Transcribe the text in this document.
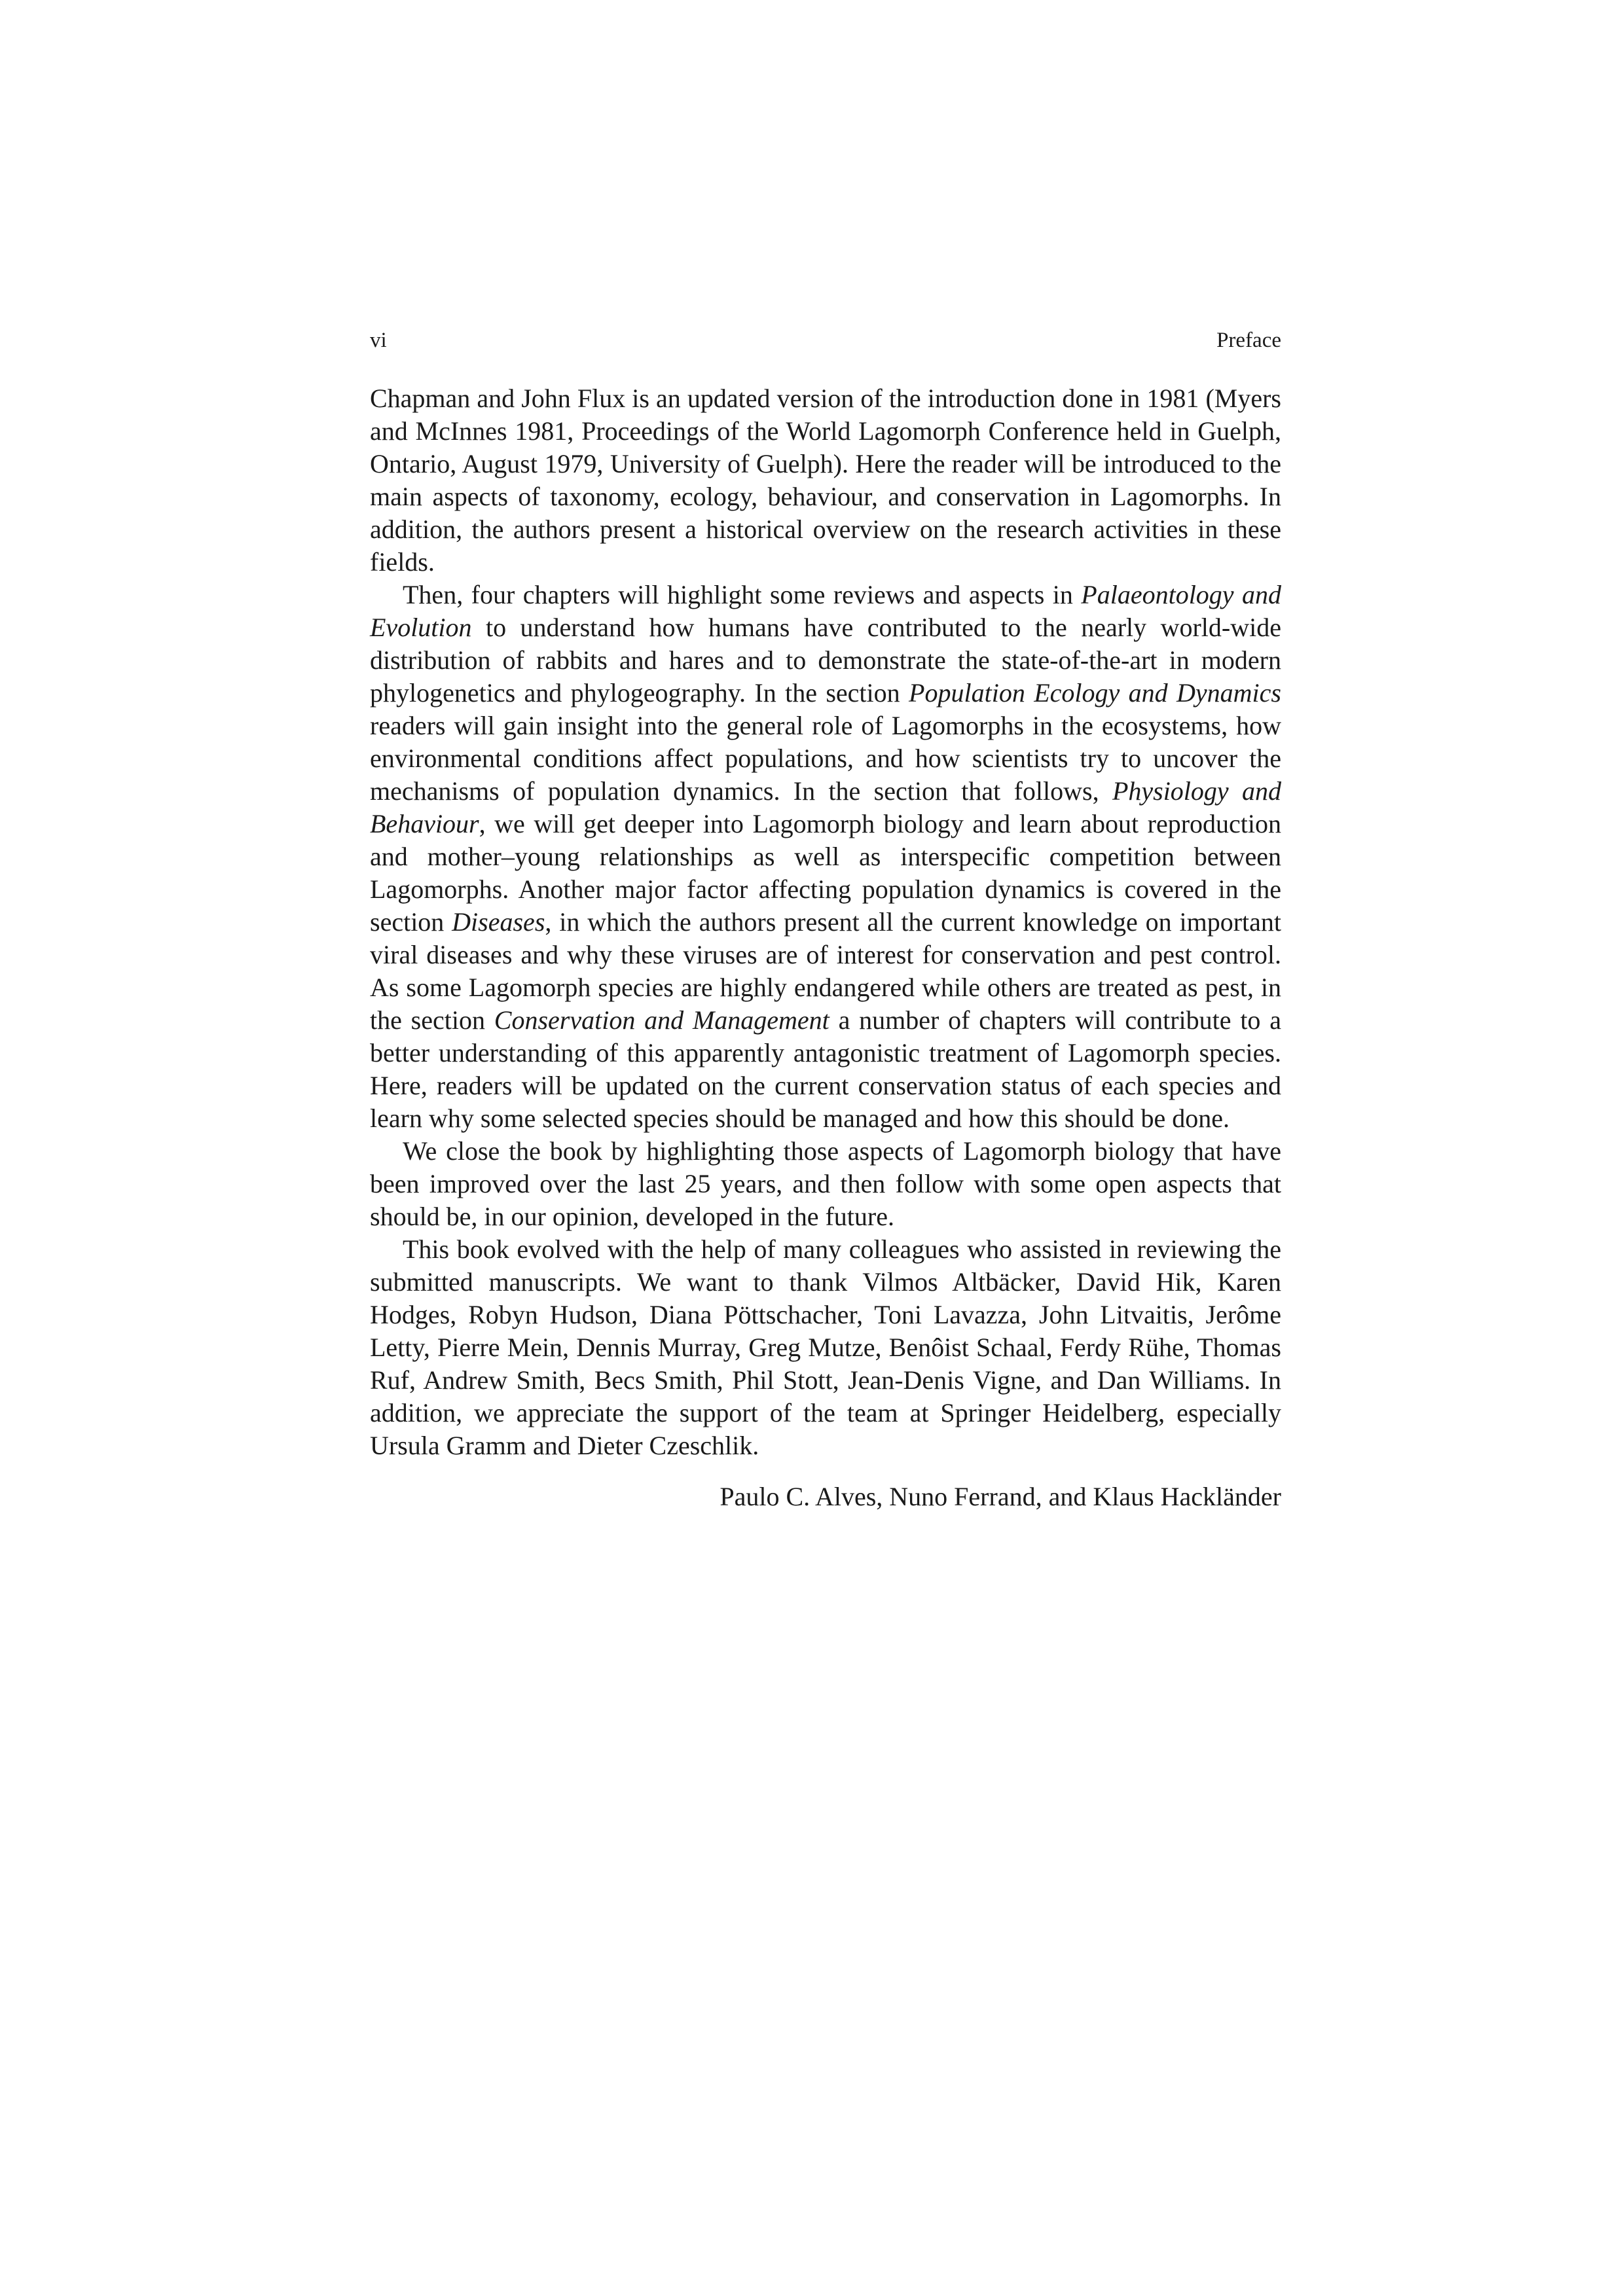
vi	Preface

Chapman and John Flux is an updated version of the introduction done in 1981 (Myers and McInnes 1981, Proceedings of the World Lagomorph Conference held in Guelph, Ontario, August 1979, University of Guelph). Here the reader will be introduced to the main aspects of taxonomy, ecology, behaviour, and conservation in Lagomorphs. In addition, the authors present a historical overview on the research activities in these fields.

Then, four chapters will highlight some reviews and aspects in Palaeontology and Evolution to understand how humans have contributed to the nearly world-wide distribution of rabbits and hares and to demonstrate the state-of-the-art in modern phylogenetics and phylogeography. In the section Population Ecology and Dynamics readers will gain insight into the general role of Lagomorphs in the ecosystems, how environmental conditions affect populations, and how scientists try to uncover the mechanisms of population dynamics. In the section that follows, Physiology and Behaviour, we will get deeper into Lagomorph biology and learn about reproduction and mother–young relationships as well as interspecific competition between Lagomorphs. Another major factor affecting population dynamics is covered in the section Diseases, in which the authors present all the current knowledge on important viral diseases and why these viruses are of interest for conservation and pest control. As some Lagomorph species are highly endangered while others are treated as pest, in the section Conservation and Management a number of chapters will contribute to a better understanding of this apparently antagonistic treatment of Lagomorph species. Here, readers will be updated on the current conservation status of each species and learn why some selected species should be managed and how this should be done.

We close the book by highlighting those aspects of Lagomorph biology that have been improved over the last 25 years, and then follow with some open aspects that should be, in our opinion, developed in the future.

This book evolved with the help of many colleagues who assisted in reviewing the submitted manuscripts. We want to thank Vilmos Altbäcker, David Hik, Karen Hodges, Robyn Hudson, Diana Pöttschacher, Toni Lavazza, John Litvaitis, Jerôme Letty, Pierre Mein, Dennis Murray, Greg Mutze, Benôist Schaal, Ferdy Rühe, Thomas Ruf, Andrew Smith, Becs Smith, Phil Stott, Jean-Denis Vigne, and Dan Williams. In addition, we appreciate the support of the team at Springer Heidelberg, especially Ursula Gramm and Dieter Czeschlik.

Paulo C. Alves, Nuno Ferrand, and Klaus Hackländer
